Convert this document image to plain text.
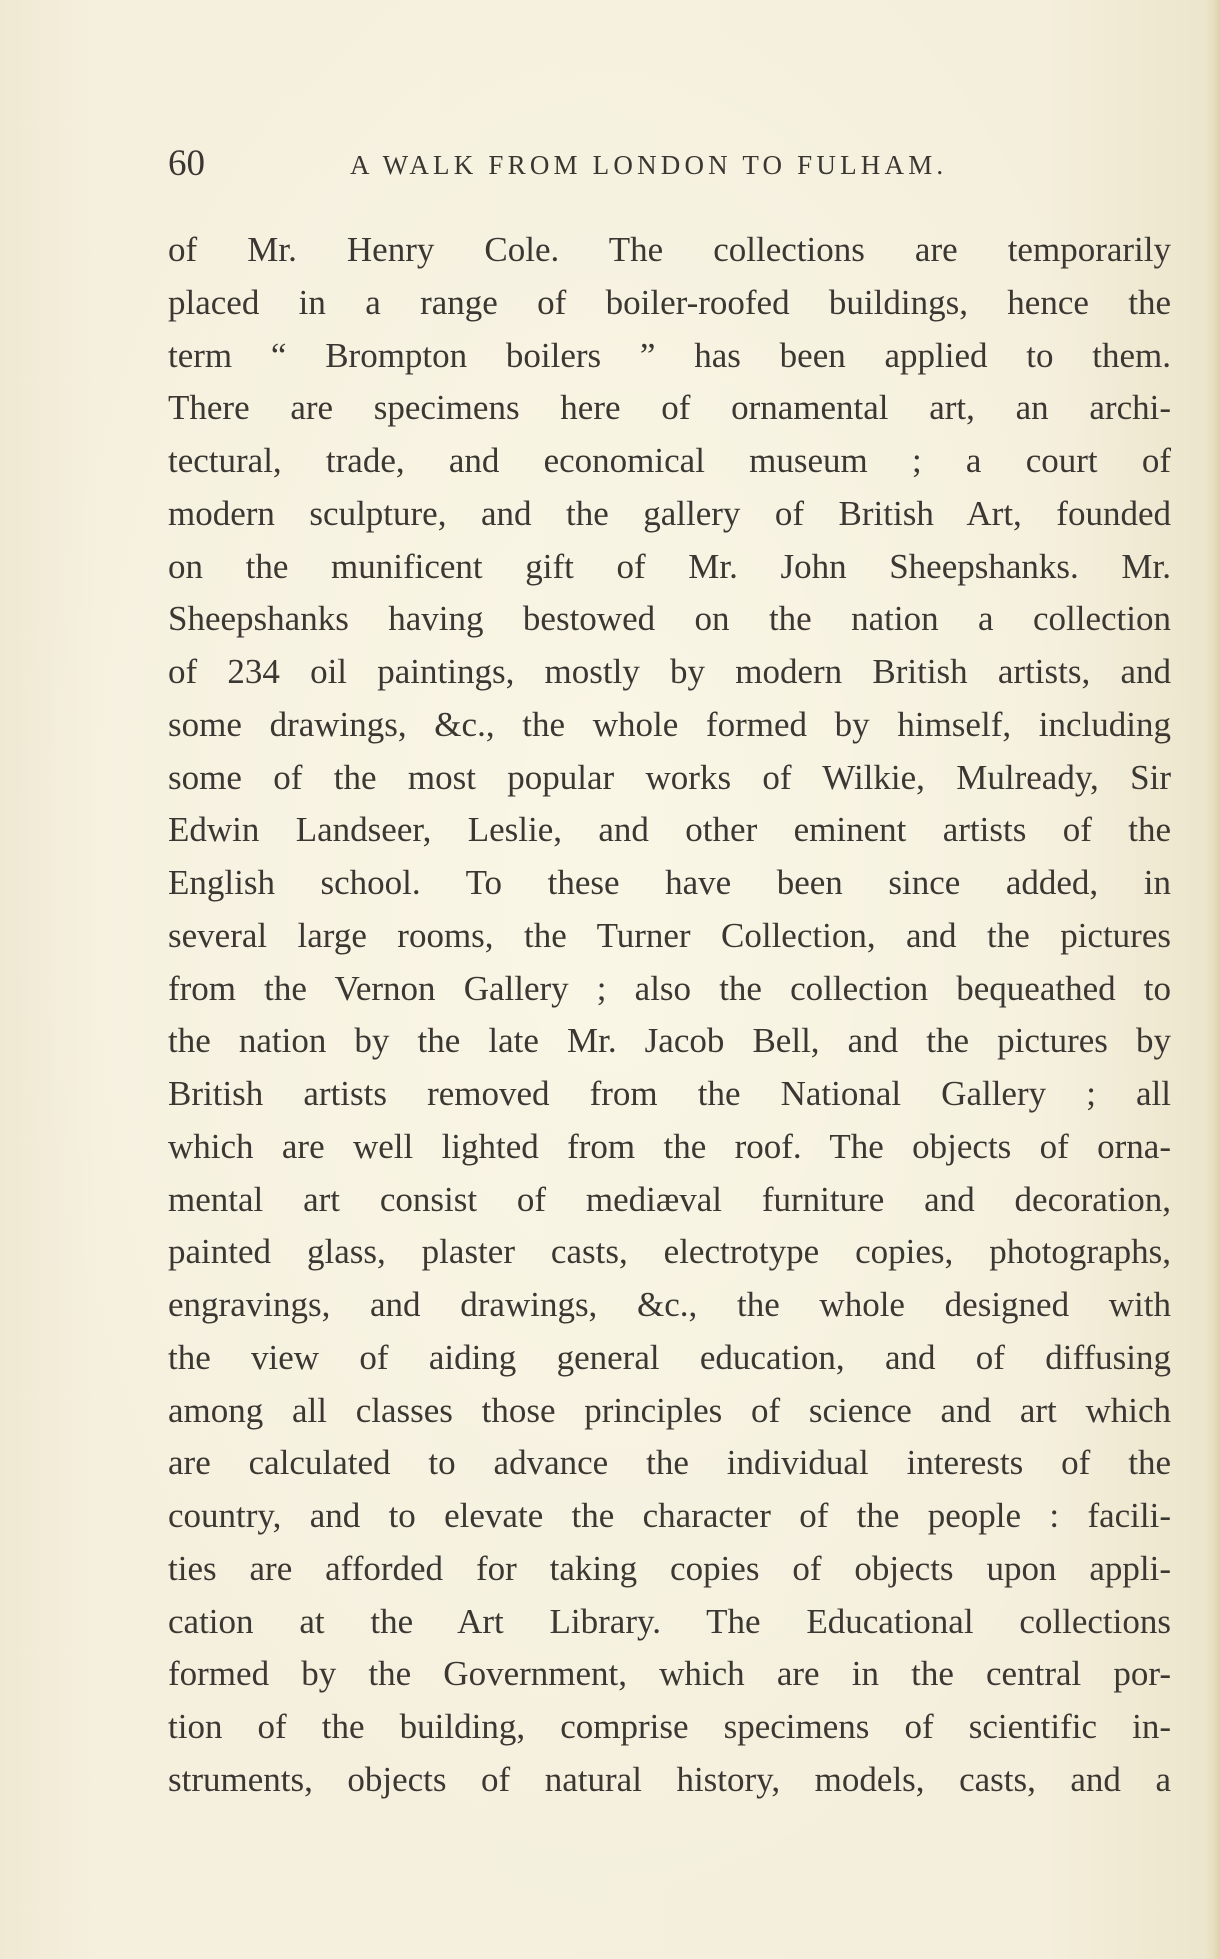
60	A WALK FROM LONDON TO FULHAM.
of Mr. Henry Cole. The collections are temporarily
placed in a range of boiler-roofed buildings, hence the
term “ Brompton boilers ” has been applied to them.
There are specimens here of ornamental art, an archi-
tectural, trade, and economical museum ; a court of
modern sculpture, and the gallery of British Art, founded
on the munificent gift of Mr. John Sheepshanks. Mr.
Sheepshanks having bestowed on the nation a collection
of 234 oil paintings, mostly by modern British artists, and
some drawings, &c., the whole formed by himself, including
some of the most popular works of Wilkie, Mulready, Sir
Edwin Landseer, Leslie, and other eminent artists of the
English school. To these have been since added, in
several large rooms, the Turner Collection, and the pictures
from the Vernon Gallery ; also the collection bequeathed to
the nation by the late Mr. Jacob Bell, and the pictures by
British artists removed from the National Gallery ; all
which are well lighted from the roof. The objects of orna-
mental art consist of mediæval furniture and decoration,
painted glass, plaster casts, electrotype copies, photographs,
engravings, and drawings, &c., the whole designed with
the view of aiding general education, and of diffusing
among all classes those principles of science and art which
are calculated to advance the individual interests of the
country, and to elevate the character of the people : facili-
ties are afforded for taking copies of objects upon appli-
cation at the Art Library. The Educational collections
formed by the Government, which are in the central por-
tion of the building, comprise specimens of scientific in-
struments, objects of natural history, models, casts, and a
